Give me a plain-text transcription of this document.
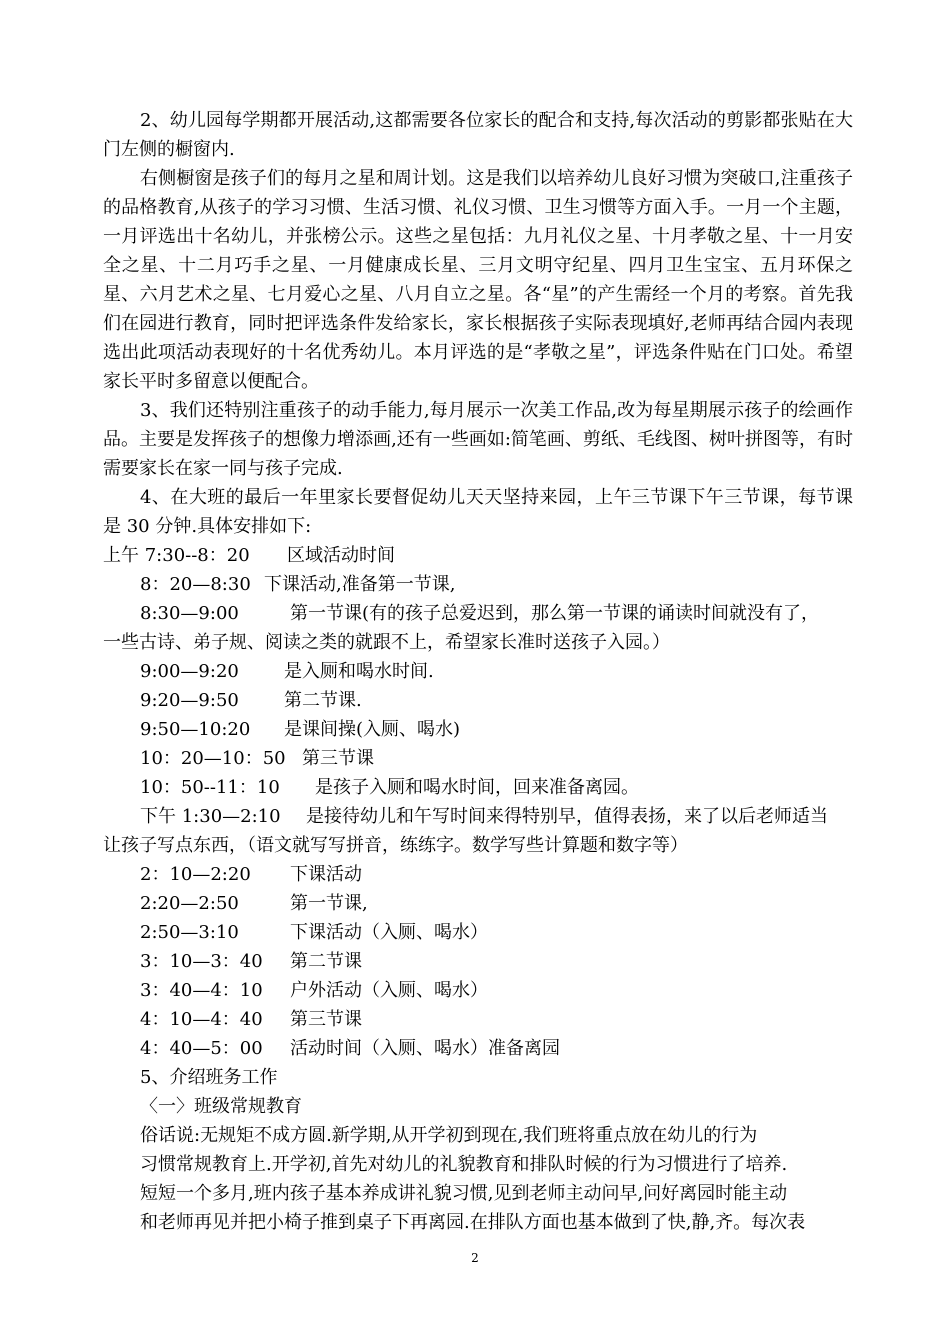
2、幼儿园每学期都开展活动,这都需要各位家长的配合和支持,每次活动的剪影都张贴在大门左侧的橱窗内.

右侧橱窗是孩子们的每月之星和周计划。这是我们以培养幼儿良好习惯为突破口,注重孩子的品格教育,从孩子的学习习惯、生活习惯、礼仪习惯、卫生习惯等方面入手。一月一个主题，一月评选出十名幼儿，并张榜公示。这些之星包括：九月礼仪之星、十月孝敬之星、十一月安全之星、十二月巧手之星、一月健康成长星、三月文明守纪星、四月卫生宝宝、五月环保之星、六月艺术之星、七月爱心之星、八月自立之星。各“星”的产生需经一个月的考察。首先我们在园进行教育，同时把评选条件发给家长，家长根据孩子实际表现填好,老师再结合园内表现选出此项活动表现好的十名优秀幼儿。本月评选的是“孝敬之星”，评选条件贴在门口处。希望家长平时多留意以便配合。

3、我们还特别注重孩子的动手能力,每月展示一次美工作品,改为每星期展示孩子的绘画作品。主要是发挥孩子的想像力增添画,还有一些画如:简笔画、剪纸、毛线图、树叶拼图等，有时需要家长在家一同与孩子完成.

4、在大班的最后一年里家长要督促幼儿天天坚持来园，上午三节课下午三节课，每节课是 30 分钟.具体安排如下:

上午 7:30--8：20	区域活动时间
8：20—8:30 下课活动,准备第一节课,
8:30—9:00	第一节课(有的孩子总爱迟到，那么第一节课的诵读时间就没有了，

一些古诗、弟子规、阅读之类的就跟不上，希望家长准时送孩子入园。）

9:00—9:20	是入厕和喝水时间.
9:20—9:50	第二节课.
9:50—10:20	是课间操(入厕、喝水)
10：20—10：50 第三节课
10：50--11：10	是孩子入厕和喝水时间，回来准备离园。
下午 1:30—2:10	是接待幼儿和午写时间来得特别早，值得表扬，来了以后老师适当

让孩子写点东西，（语文就写写拼音，练练字。数学写些计算题和数字等）

2：10—2:20	下课活动
2:20—2:50	第一节课,
2:50—3:10	下课活动（入厕、喝水）
3：10—3：40	第二节课
3：40—4：10	户外活动（入厕、喝水）
4：10—4：40	第三节课
4：40—5：00	活动时间（入厕、喝水）准备离园

5、介绍班务工作

〈一〉班级常规教育

俗话说:无规矩不成方圆.新学期,从开学初到现在,我们班将重点放在幼儿的行为

习惯常规教育上.开学初,首先对幼儿的礼貌教育和排队时候的行为习惯进行了培养.

短短一个多月,班内孩子基本养成讲礼貌习惯,见到老师主动问早,问好离园时能主动

和老师再见并把小椅子推到桌子下再离园.在排队方面也基本做到了快,静,齐。每次表

2
